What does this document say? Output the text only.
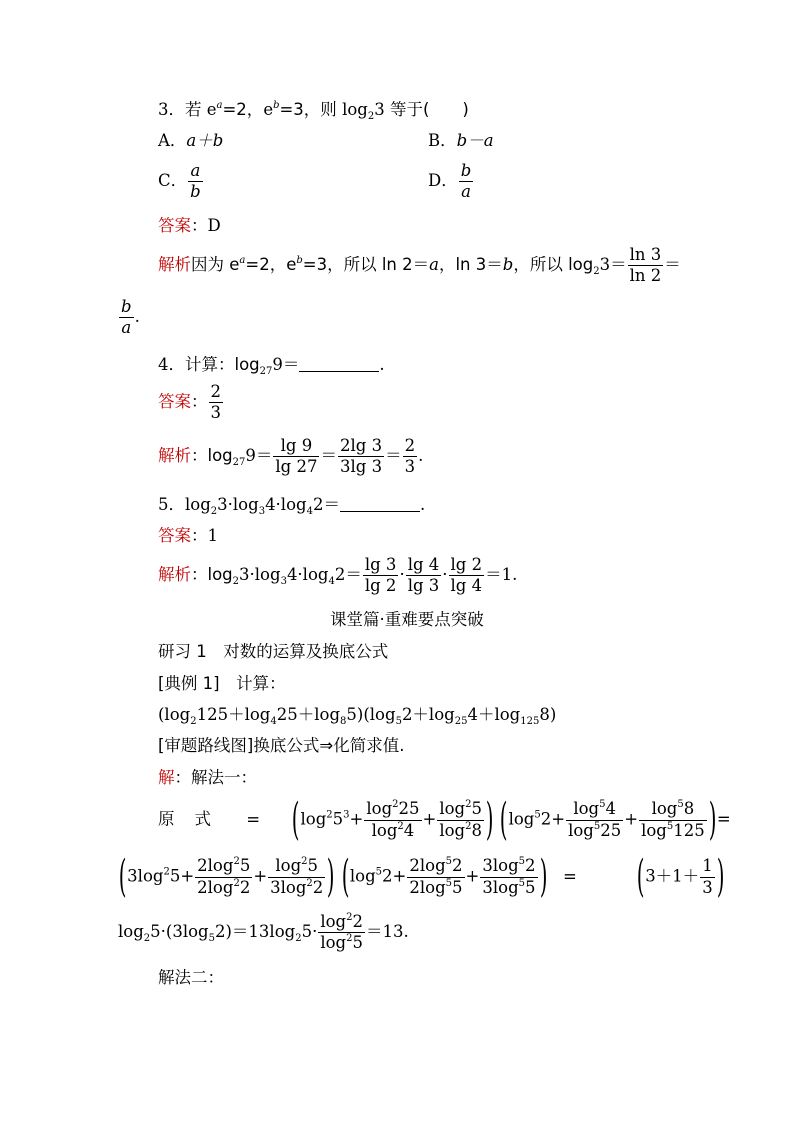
3．若 $e^a=2$，$e^b=3$，则 $\log_23$ 等于(　　)
A．a＋b	B．b－a
C． $\frac{a}{b}$	D． $\frac{b}{a}$
答案：D
解析因为 $e^a=2$，$e^b=3$，所以 ln 2＝a，ln 3＝b，所以 $\log_23= \frac{\ln 3}{\ln 2}$ ＝
$\frac{b}{a}$ .
4．计算：$\log_{27}9=$	.
答案： $\frac{2}{3}$
解析：$\log_{27}9= \frac{\lg 9}{\lg 27} = \frac{2\lg 3}{3\lg 3} = \frac{2}{3}$ .
5．$\log_23\cdot\log_34\cdot\log_42=$	.
答案：1
解析：$\log_23\cdot\log_34\cdot\log_42= \frac{\lg 3}{\lg 2} \cdot \frac{\lg 4}{\lg 3} \cdot \frac{\lg 2}{\lg 4} =1$.
课堂篇·重难要点突破
研习 1　对数的运算及换底公式
[典例 1]　计算：
$(\log_2125+\log_425+\log_85)(\log_52+\log_{25}4+\log_{125}8)$
[审题路线图]换底公式⇒化简求值.
解：解法一：
原式 = ($\log^25^3+ \frac{\log^225}{\log^24} + \frac{\log^25}{\log^28}$ ) ($\log^52+ \frac{\log^54}{\log^525} + \frac{\log^58}{\log^5125}$ )=
($3\log^25+ \frac{2\log^25}{2\log^22} + \frac{\log^25}{3\log^22}$ ) ($\log^52+ \frac{2\log^52}{2\log^55} + \frac{3\log^52}{3\log^55}$ ) = ($3+1+ \frac{1}{3}$ )
$\log_25\cdot(3\log_52)=13\log_25\cdot \frac{\log^22}{\log^25} =13$.
解法二：
